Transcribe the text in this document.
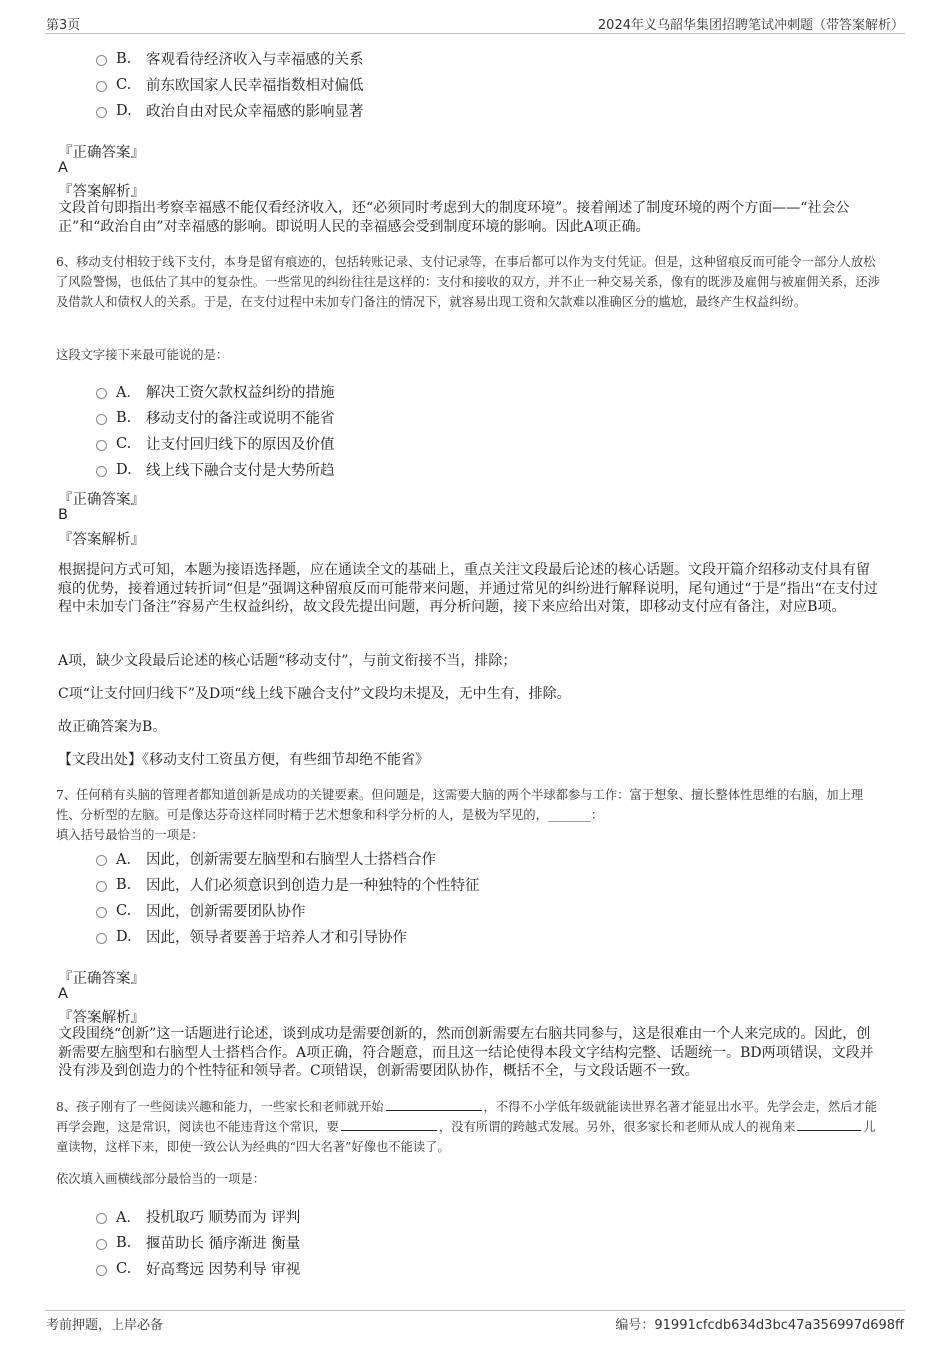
第3页	2024年义乌韶华集团招聘笔试冲刺题（带答案解析）
B.	客观看待经济收入与幸福感的关系
C.	前东欧国家人民幸福指数相对偏低
D. 政治自由对民众幸福感的影响显著
『正确答案』
A
『答案解析』
文段首句即指出考察幸福感不能仅看经济收入，还“必须同时考虑到大的制度环境”。接着阐述了制度环境的两个方面——“社会公正”和“政治自由”对幸福感的影响。即说明人民的幸福感会受到制度环境的影响。因此A项正确。
6、移动支付相较于线下支付，本身是留有痕迹的，包括转账记录、支付记录等，在事后都可以作为支付凭证。但是，这种留痕反而可能令一部分人放松了风险警惕，也低估了其中的复杂性。一些常见的纠纷往往是这样的：支付和接收的双方，并不止一种交易关系，像有的既涉及雇佣与被雇佣关系，还涉及借款人和债权人的关系。于是，在支付过程中未加专门备注的情况下，就容易出现工资和欠款难以准确区分的尴尬，最终产生权益纠纷。
这段文字接下来最可能说的是：
A． 解决工资欠款权益纠纷的措施
B.	移动支付的备注或说明不能省
C.	让支付回归线下的原因及价值
D. 线上线下融合支付是大势所趋
『正确答案』
B
『答案解析』
根据提问方式可知，本题为接语选择题，应在通读全文的基础上，重点关注文段最后论述的核心话题。文段开篇介绍移动支付具有留痕的优势，接着通过转折词“但是”强调这种留痕反而可能带来问题，并通过常见的纠纷进行解释说明，尾句通过“于是”指出“在支付过程中未加专门备注”容易产生权益纠纷，故文段先提出问题，再分析问题，接下来应给出对策，即移动支付应有备注，对应B项。
A项，缺少文段最后论述的核心话题“移动支付”，与前文衔接不当，排除；
C项“让支付回归线下”及D项“线上线下融合支付”文段均未提及，无中生有，排除。
故正确答案为B。
【文段出处】《移动支付工资虽方便，有些细节却绝不能省》
7、任何稍有头脑的管理者都知道创新是成功的关键要素。但问题是，这需要大脑的两个半球都参与工作：富于想象、擅长整体性思维的右脑，加上理性、分析型的左脑。可是像达芬奇这样同时精于艺术想象和科学分析的人，是极为罕见的，_______：
填入括号最恰当的一项是：
A． 因此，创新需要左脑型和右脑型人士搭档合作
B.	因此，人们必须意识到创造力是一种独特的个性特征
C.	因此，创新需要团队协作
D. 因此，领导者要善于培养人才和引导协作
『正确答案』
A
『答案解析』
文段围绕“创新”这一话题进行论述，谈到成功是需要创新的，然而创新需要左右脑共同参与，这是很难由一个人来完成的。因此，创新需要左脑型和右脑型人士搭档合作。A项正确，符合题意，而且这一结论使得本段文字结构完整、话题统一。BD两项错误，文段并没有涉及到创造力的个性特征和领导者。C项错误，创新需要团队协作，概括不全，与文段话题不一致。
8、孩子刚有了一些阅读兴趣和能力，一些家长和老师就开始	，不得不小学低年级就能读世界名著才能显出水平。先学会走，然后才能再学会跑，这是常识，阅读也不能违背这个常识，要	，没有所谓的跨越式发展。另外，很多家长和老师从成人的视角来	儿童读物，这样下来，即使一致公认为经典的“四大名著”好像也不能读了。
依次填入画横线部分最恰当的一项是：
A． 投机取巧 顺势而为 评判
B.	揠苗助长 循序渐进 衡量
C.	好高骛远 因势利导 审视
考前押题，上岸必备	编号：91991cfcdb634d3bc47a356997d698ff
